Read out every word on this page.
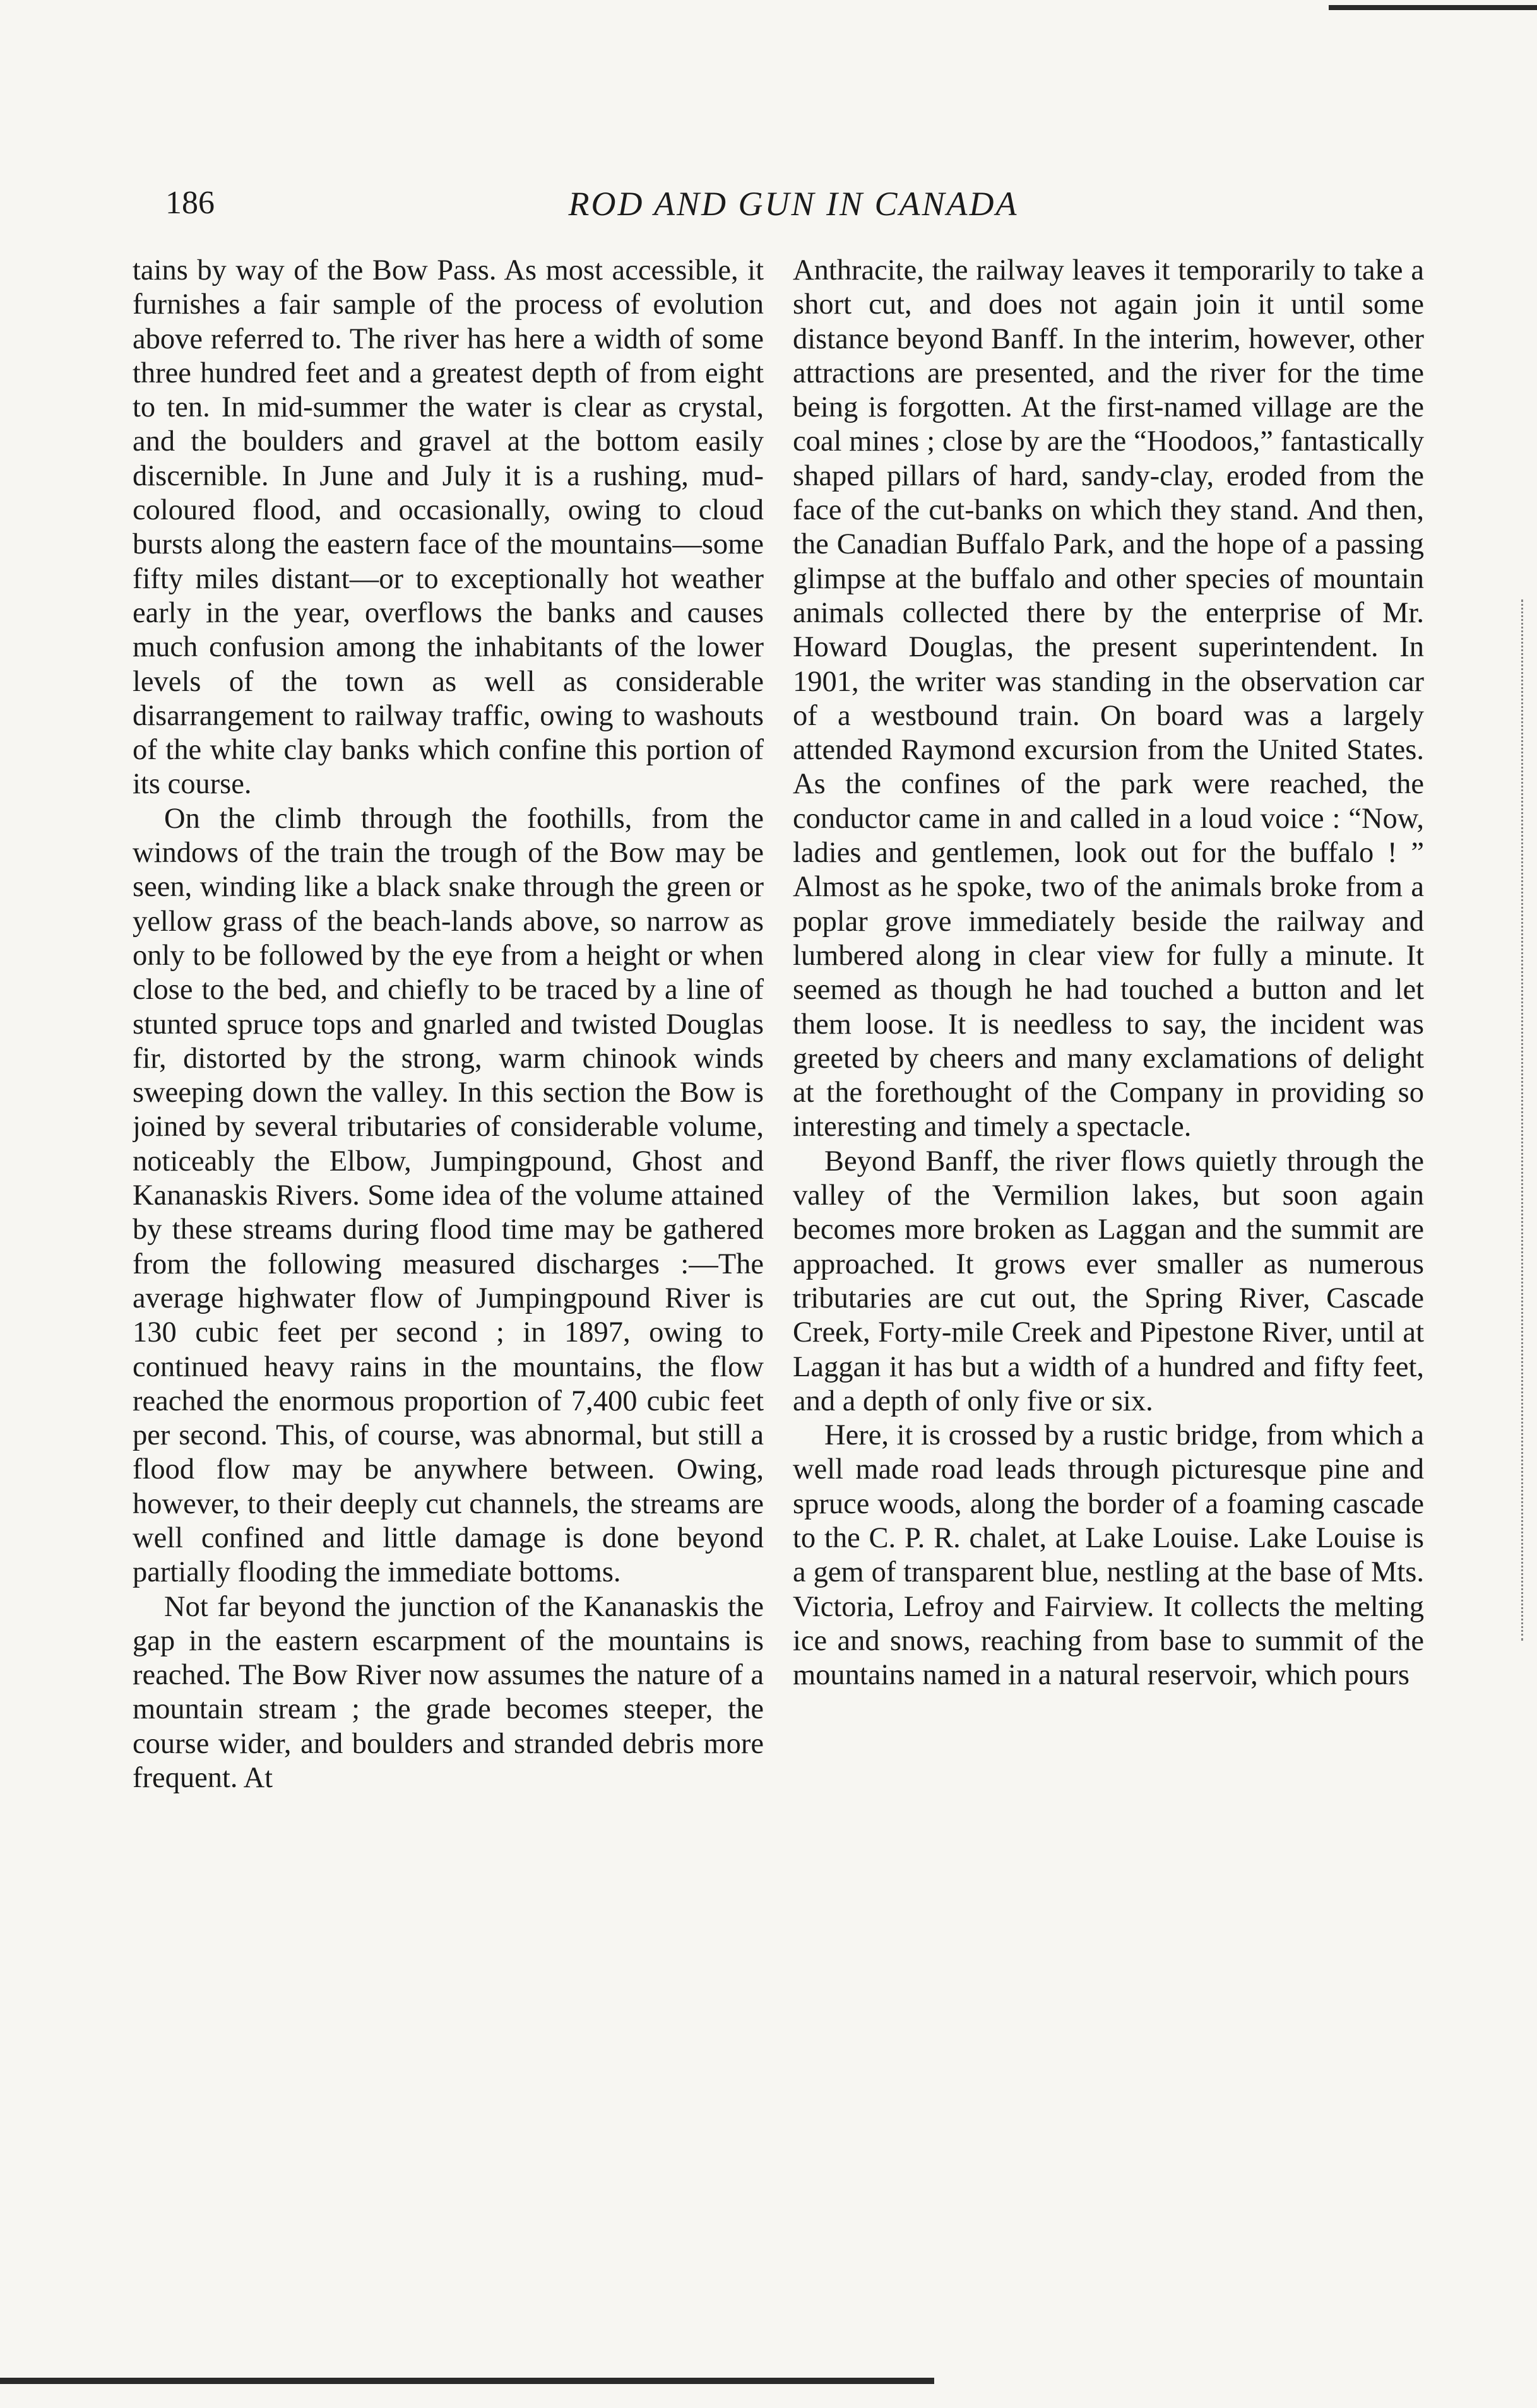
186	ROD AND GUN IN CANADA

tains by way of the Bow Pass. As most accessible, it furnishes a fair sample of the process of evolution above referred to. The river has here a width of some three hundred feet and a greatest depth of from eight to ten. In mid-summer the water is clear as crystal, and the boulders and gravel at the bottom easily discernible. In June and July it is a rushing, mud-coloured flood, and occasionally, owing to cloud bursts along the eastern face of the mountains—some fifty miles distant—or to exceptionally hot weather early in the year, overflows the banks and causes much confusion among the inhabitants of the lower levels of the town as well as considerable disarrangement to railway traffic, owing to washouts of the white clay banks which confine this portion of its course.

On the climb through the foothills, from the windows of the train the trough of the Bow may be seen, winding like a black snake through the green or yellow grass of the beach-lands above, so narrow as only to be followed by the eye from a height or when close to the bed, and chiefly to be traced by a line of stunted spruce tops and gnarled and twisted Douglas fir, distorted by the strong, warm chinook winds sweeping down the valley. In this section the Bow is joined by several tributaries of considerable volume, noticeably the Elbow, Jumpingpound, Ghost and Kananaskis Rivers. Some idea of the volume attained by these streams during flood time may be gathered from the following measured discharges :—The average highwater flow of Jumpingpound River is 130 cubic feet per second ; in 1897, owing to continued heavy rains in the mountains, the flow reached the enormous proportion of 7,400 cubic feet per second. This, of course, was abnormal, but still a flood flow may be anywhere between. Owing, however, to their deeply cut channels, the streams are well confined and little damage is done beyond partially flooding the immediate bottoms.

Not far beyond the junction of the Kananaskis the gap in the eastern escarpment of the mountains is reached. The Bow River now assumes the nature of a mountain stream ; the grade becomes steeper, the course wider, and boulders and stranded debris more frequent. At

Anthracite, the railway leaves it temporarily to take a short cut, and does not again join it until some distance beyond Banff. In the interim, however, other attractions are presented, and the river for the time being is forgotten. At the first-named village are the coal mines ; close by are the “Hoodoos,” fantastically shaped pillars of hard, sandy-clay, eroded from the face of the cut-banks on which they stand. And then, the Canadian Buffalo Park, and the hope of a passing glimpse at the buffalo and other species of mountain animals collected there by the enterprise of Mr. Howard Douglas, the present superintendent. In 1901, the writer was standing in the observation car of a westbound train. On board was a largely attended Raymond excursion from the United States. As the confines of the park were reached, the conductor came in and called in a loud voice : “Now, ladies and gentlemen, look out for the buffalo ! ” Almost as he spoke, two of the animals broke from a poplar grove immediately beside the railway and lumbered along in clear view for fully a minute. It seemed as though he had touched a button and let them loose. It is needless to say, the incident was greeted by cheers and many exclamations of delight at the forethought of the Company in providing so interesting and timely a spectacle.

Beyond Banff, the river flows quietly through the valley of the Vermilion lakes, but soon again becomes more broken as Laggan and the summit are approached. It grows ever smaller as numerous tributaries are cut out, the Spring River, Cascade Creek, Forty-mile Creek and Pipestone River, until at Laggan it has but a width of a hundred and fifty feet, and a depth of only five or six.

Here, it is crossed by a rustic bridge, from which a well made road leads through picturesque pine and spruce woods, along the border of a foaming cascade to the C. P. R. chalet, at Lake Louise. Lake Louise is a gem of transparent blue, nestling at the base of Mts. Victoria, Lefroy and Fairview. It collects the melting ice and snows, reaching from base to summit of the mountains named in a natural reservoir, which pours
